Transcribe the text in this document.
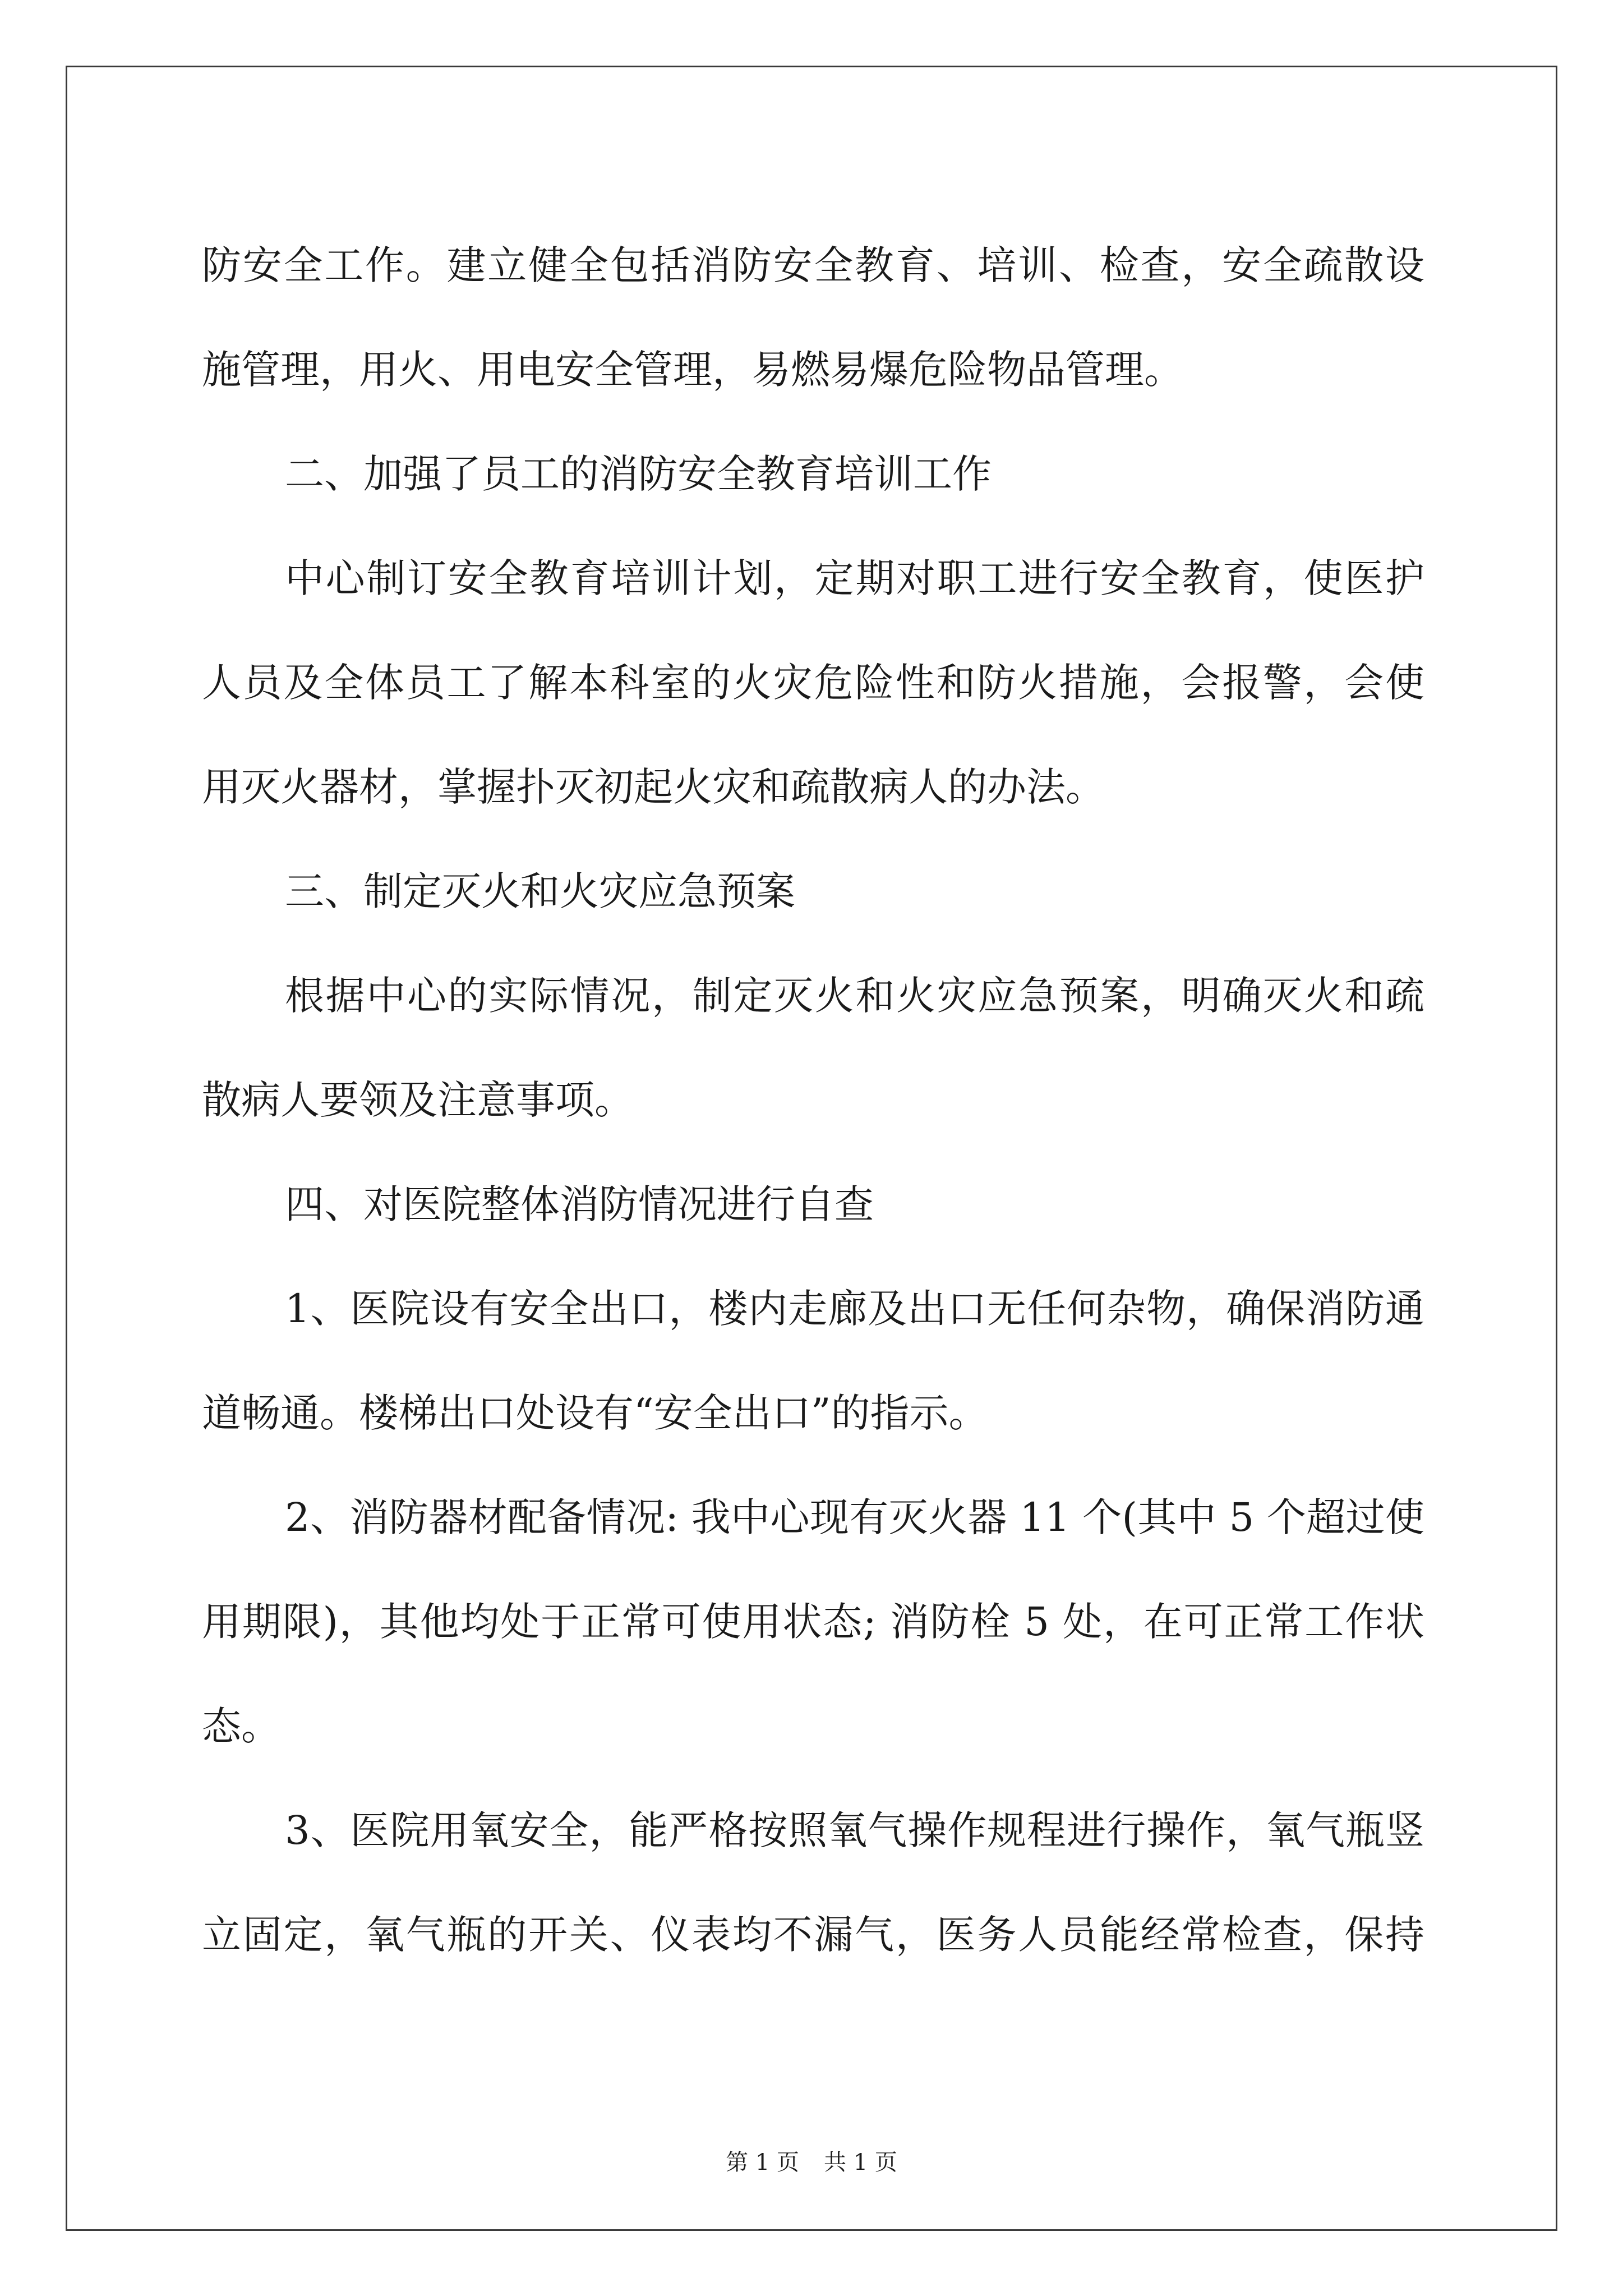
防安全工作。建立健全包括消防安全教育、培训、检查，安全疏散设
施管理，用火、用电安全管理，易燃易爆危险物品管理。
二、加强了员工的消防安全教育培训工作
中心制订安全教育培训计划，定期对职工进行安全教育，使医护
人员及全体员工了解本科室的火灾危险性和防火措施，会报警，会使
用灭火器材，掌握扑灭初起火灾和疏散病人的办法。
三、制定灭火和火灾应急预案
根据中心的实际情况，制定灭火和火灾应急预案，明确灭火和疏
散病人要领及注意事项。
四、对医院整体消防情况进行自查
1、医院设有安全出口，楼内走廊及出口无任何杂物，确保消防通
道畅通。楼梯出口处设有“安全出口”的指示。
2、消防器材配备情况: 我中心现有灭火器 11 个(其中 5 个超过使
用期限)，其他均处于正常可使用状态; 消防栓 5 处，在可正常工作状
态。
3、医院用氧安全，能严格按照氧气操作规程进行操作，氧气瓶竖
立固定，氧气瓶的开关、仪表均不漏气，医务人员能经常检查，保持
第 1 页 共 1 页
